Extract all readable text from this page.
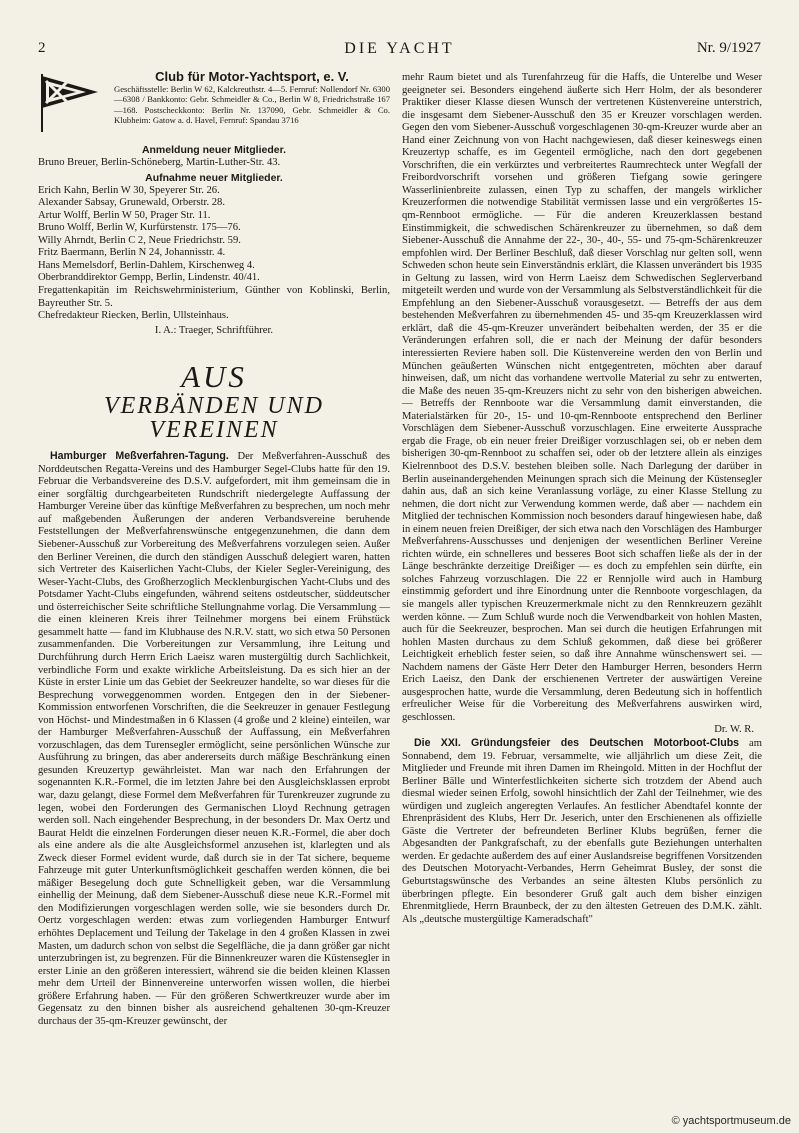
2	DIE YACHT	Nr. 9/1927
Club für Motor-Yachtsport, e. V.
Geschäftsstelle: Berlin W 62, Kalckreuthstr. 4—5. Fernruf: Nollendorf Nr. 6300—6308 / Bankkonto: Gebr. Schmeidler & Co., Berlin W 8, Friedrichstraße 167—168. Postscheckkonto: Berlin Nr. 137090, Gebr. Schmeidler & Co. Klubheim: Gatow a. d. Havel, Fernruf: Spandau 3716
Anmeldung neuer Mitglieder.

Bruno Breuer, Berlin-Schöneberg, Martin-Luther-Str. 43.

Aufnahme neuer Mitglieder.
Erich Kahn, Berlin W 30, Speyerer Str. 26.
Alexander Sabsay, Grunewald, Orberstr. 28.
Artur Wolff, Berlin W 50, Prager Str. 11.
Bruno Wolff, Berlin W, Kurfürstenstr. 175—76.
Willy Ahrndt, Berlin C 2, Neue Friedrichstr. 59.
Fritz Baermann, Berlin N 24, Johannisstr. 4.
Hans Memelsdorf, Berlin-Dahlem, Kirschenweg 4.
Oberbranddirektor Gempp, Berlin, Lindenstr. 40/41.
Fregattenkapitän im Reichswehrministerium, Günther von Koblinski, Berlin, Bayreuther Str. 5.
Chefredakteur Riecken, Berlin, Ullsteinhaus.
I. A.: Traeger, Schriftführer.
AUS
VERBÄNDEN UND VEREINEN

Hamburger Meßverfahren-Tagung. Der Meßverfahren-Ausschuß des Norddeutschen Regatta-Vereins und des Hamburger Segel-Clubs hatte für den 19. Februar die Verbandsvereine des D.S.V. aufgefordert, mit ihm gemeinsam die in einer sorgfältig durchgearbeiteten Rundschrift niedergelegte Auffassung der Hamburger Vereine über das künftige Meßverfahren zu besprechen, um noch mehr auf maßgebenden Äußerungen der anderen Verbandsvereine beruhende Feststellungen der Meßverfahrenswünsche entgegenzunehmen, die dann dem Siebener-Ausschuß zur Vorbereitung des Meßverfahrens vorzulegen seien. Außer den Berliner Vereinen, die durch den ständigen Ausschuß delegiert waren, hatten sich Vertreter des Kaiserlichen Yacht-Clubs, der Kieler Segler-Vereinigung, des Weser-Yacht-Clubs, des Großherzoglich Mecklenburgischen Yacht-Clubs und des Potsdamer Yacht-Clubs eingefunden, während seitens ostdeutscher, süddeutscher und österreichischer Seite schriftliche Stellungnahme vorlag. Die Versammlung — die einen kleineren Kreis ihrer Teilnehmer morgens bei einem Frühstück gesammelt hatte — fand im Klubhause des N.R.V. statt, wo sich etwa 50 Personen zusammenfanden. Die Vorbereitungen zur Versammlung, ihre Leitung und Durchführung durch Herrn Erich Laeisz waren mustergültig durch Sachlichkeit, verbindliche Form und exakte wirkliche Arbeitsleistung. Da es sich hier an der Küste in erster Linie um das Gebiet der Seekreuzer handelte, so war dieses für die Besprechung vorweggenommen worden. Entgegen den in der Siebener-Kommission entworfenen Vorschriften, die die Seekreuzer in genauer Festlegung von Höchst- und Mindestmaßen in 6 Klassen (4 große und 2 kleine) einteilen, war der Hamburger Meßverfahren-Ausschuß der Auffassung, ein Meßverfahren vorzuschlagen, das dem Turensegler ermöglicht, seine persönlichen Wünsche zur Ausführung zu bringen, das aber andererseits durch mäßige Beschränkung einen gesunden Kreuzertyp gewährleistet. Man war nach den Erfahrungen der sogenannten K.R.-Formel, die im letzten Jahre bei den Ausgleichsklassen erprobt war, dazu gelangt, diese Formel dem Meßverfahren für Turenkreuzer zugrunde zu legen, wobei den Forderungen des Germanischen Lloyd Rechnung getragen werden soll. Nach eingehender Besprechung, in der besonders Dr. Max Oertz und Baurat Heldt die einzelnen Forderungen dieser neuen K.R.-Formel, die aber doch als eine andere als die alte Ausgleichsformel anzusehen ist, klarlegten und als Zweck dieser Formel evident wurde, daß durch sie in der Tat sichere, bequeme Fahrzeuge mit guter Unterkunftsmöglichkeit geschaffen werden können, die bei mäßiger Besegelung doch gute Schnelligkeit geben, war die Versammlung einhellig der Meinung, daß dem Siebener-Ausschuß diese neue K.R.-Formel mit den Modifizierungen vorgeschlagen werden solle, wie sie besonders durch Dr. Oertz vorgeschlagen werden: etwas zum vorliegenden Hamburger Entwurf erhöhtes Deplacement und Teilung der Takelage in den 4 großen Klassen in zwei Masten, um dadurch schon von selbst die Segelfläche, die ja dann größer gar nicht unterzubringen ist, zu begrenzen. Für die Binnenkreuzer waren die Küstensegler in erster Linie an den größeren interessiert, während sie die beiden kleinen Klassen mehr dem Urteil der Binnenvereine unterworfen wissen wollen, die hierbei größere Erfahrung haben. — Für den größeren Schwertkreuzer wurde aber im Gegensatz zu den binnen bisher als ausreichend gehaltenen 30-qm-Kreuzer durchaus der 35-qm-Kreuzer gewünscht, der

mehr Raum bietet und als Turenfahrzeug für die Haffs, die Unterelbe und Weser geeigneter sei. Besonders eingehend äußerte sich Herr Holm, der als besonderer Praktiker dieser Klasse diesen Wunsch der vertretenen Küstenvereine unterstrich, die insgesamt dem Siebener-Ausschuß den 35 er Kreuzer vorschlagen werden. Gegen den vom Siebener-Ausschuß vorgeschlagenen 30-qm-Kreuzer wurde aber an Hand einer Zeichnung von von Hacht nachgewiesen, daß dieser keineswegs einen Kreuzertyp schaffe, es im Gegenteil ermögliche, nach den dort gegebenen Vorschriften, die ein verkürztes und verbreitertes Raumrechteck unter Wegfall der Freibordvorschrift vorsehen und größeren Tiefgang sowie geringere Wasserlinienbreite zulassen, einen Typ zu schaffen, der mangels wirklicher Kreuzerformen die notwendige Stabilität vermissen lasse und ein vergrößertes 15-qm-Rennboot ermögliche. — Für die anderen Kreuzerklassen bestand Einstimmigkeit, die schwedischen Schärenkreuzer zu übernehmen, so daß dem Siebener-Ausschuß die Annahme der 22-, 30-, 40-, 55- und 75-qm-Schärenkreuzer empfohlen wird. Der Berliner Beschluß, daß dieser Vorschlag nur gelten soll, wenn Schweden schon heute sein Einverständnis erklärt, die Klassen unverändert bis 1935 in Geltung zu lassen, wird von Herrn Laeisz dem Schwedischen Seglerverband mitgeteilt werden und wurde von der Versammlung als Selbstverständlichkeit für die Empfehlung an den Siebener-Ausschuß vorausgesetzt. — Betreffs der aus dem bestehenden Meßverfahren zu übernehmenden 45- und 35-qm Kreuzerklassen wird erklärt, daß die 45-qm-Kreuzer unverändert beibehalten werden, der 35 er die Veränderungen erfahren soll, die er nach der Meinung der dafür besonders interessierten Reviere haben soll. Die Küstenvereine werden den von Berlin und München geäußerten Wünschen nicht entgegentreten, möchten aber darauf hinweisen, daß, um nicht das vorhandene wertvolle Material zu sehr zu entwerten, die Maße des neuen 35-qm-Kreuzers nicht zu sehr von den bisherigen abweichen. — Betreffs der Rennboote war die Versammlung damit einverstanden, die Materialstärken für 20-, 15- und 10-qm-Rennboote entsprechend den Berliner Vorschlägen dem Siebener-Ausschuß vorzuschlagen. Eine erweiterte Aussprache ergab die Frage, ob ein neuer freier Dreißiger vorzuschlagen sei, ob er neben dem bisherigen 30-qm-Rennboot zu schaffen sei, oder ob der letztere allein als einziges Kielrennboot des D.S.V. bestehen bleiben solle. Nach Darlegung der darüber in Berlin auseinandergehenden Meinungen sprach sich die Meinung der Küstensegler dahin aus, daß an sich keine Veranlassung vorläge, zu einer Klasse Stellung zu nehmen, die dort nicht zur Verwendung kommen werde, daß aber — nachdem ein Mitglied der technischen Kommission noch besonders darauf hingewiesen habe, daß in einem neuen freien Dreißiger, der sich etwa nach den Vorschlägen des Hamburger Meßverfahrens-Ausschusses und denjenigen der wesentlichen Berliner Vereine richten würde, ein schnelleres und besseres Boot sich schaffen ließe als der in der Länge beschränkte derzeitige Dreißiger — es doch zu empfehlen sein dürfte, ein solches Fahrzeug vorzuschlagen. Die 22 er Rennjolle wird auch in Hamburg einstimmig gefordert und ihre Einordnung unter die Rennboote vorgeschlagen, da sie mangels aller typischen Kreuzermerkmale nicht zu den Rennkreuzern gezählt werden könne. — Zum Schluß wurde noch die Verwendbarkeit von hohlen Masten, auch für die Seekreuzer, besprochen. Man sei durch die heutigen Erfahrungen mit hohlen Masten durchaus zu dem Schluß gekommen, daß diese bei größerer Leichtigkeit erheblich fester seien, so daß ihre Annahme wünschenswert sei. — Nachdem namens der Gäste Herr Deter den Hamburger Herren, besonders Herrn Erich Laeisz, den Dank der erschienenen Vertreter der auswärtigen Vereine ausgesprochen hatte, wurde die Versammlung, deren Bedeutung sich in hoffentlich erfreulicher Weise für die Vorbereitung des Meßverfahrens auswirken wird, geschlossen.

Dr. W. R.

Die XXI. Gründungsfeier des Deutschen Motorboot-Clubs am Sonnabend, dem 19. Februar, versammelte, wie alljährlich um diese Zeit, die Mitglieder und Freunde mit ihren Damen im Rheingold. Mitten in der Hochflut der Berliner Bälle und Winterfestlichkeiten sicherte sich trotzdem der Abend auch diesmal wieder seinen Erfolg, sowohl hinsichtlich der Zahl der Teilnehmer, wie des würdigen und zugleich angeregten Verlaufes. An festlicher Abendtafel konnte der Ehrenpräsident des Klubs, Herr Dr. Jeserich, unter den Erschienenen als offizielle Gäste die Vertreter der befreundeten Berliner Klubs begrüßen, ferner die Abgesandten der Pankgrafschaft, zu der ebenfalls gute Beziehungen unterhalten werden. Er gedachte außerdem des auf einer Auslandsreise begriffenen Vorsitzenden des Deutschen Motoryacht-Verbandes, Herrn Geheimrat Busley, der sonst die Geburtstagswünsche des Verbandes an seine ältesten Klubs persönlich zu überbringen pflegte. Ein besonderer Gruß galt auch dem bisher einzigen Ehrenmitgliede, Herrn Braunbeck, der zu den ältesten Getreuen des D.M.K. zählt. Als „deutsche mustergültige Kameradschaft"

© yachtsportmuseum.de
